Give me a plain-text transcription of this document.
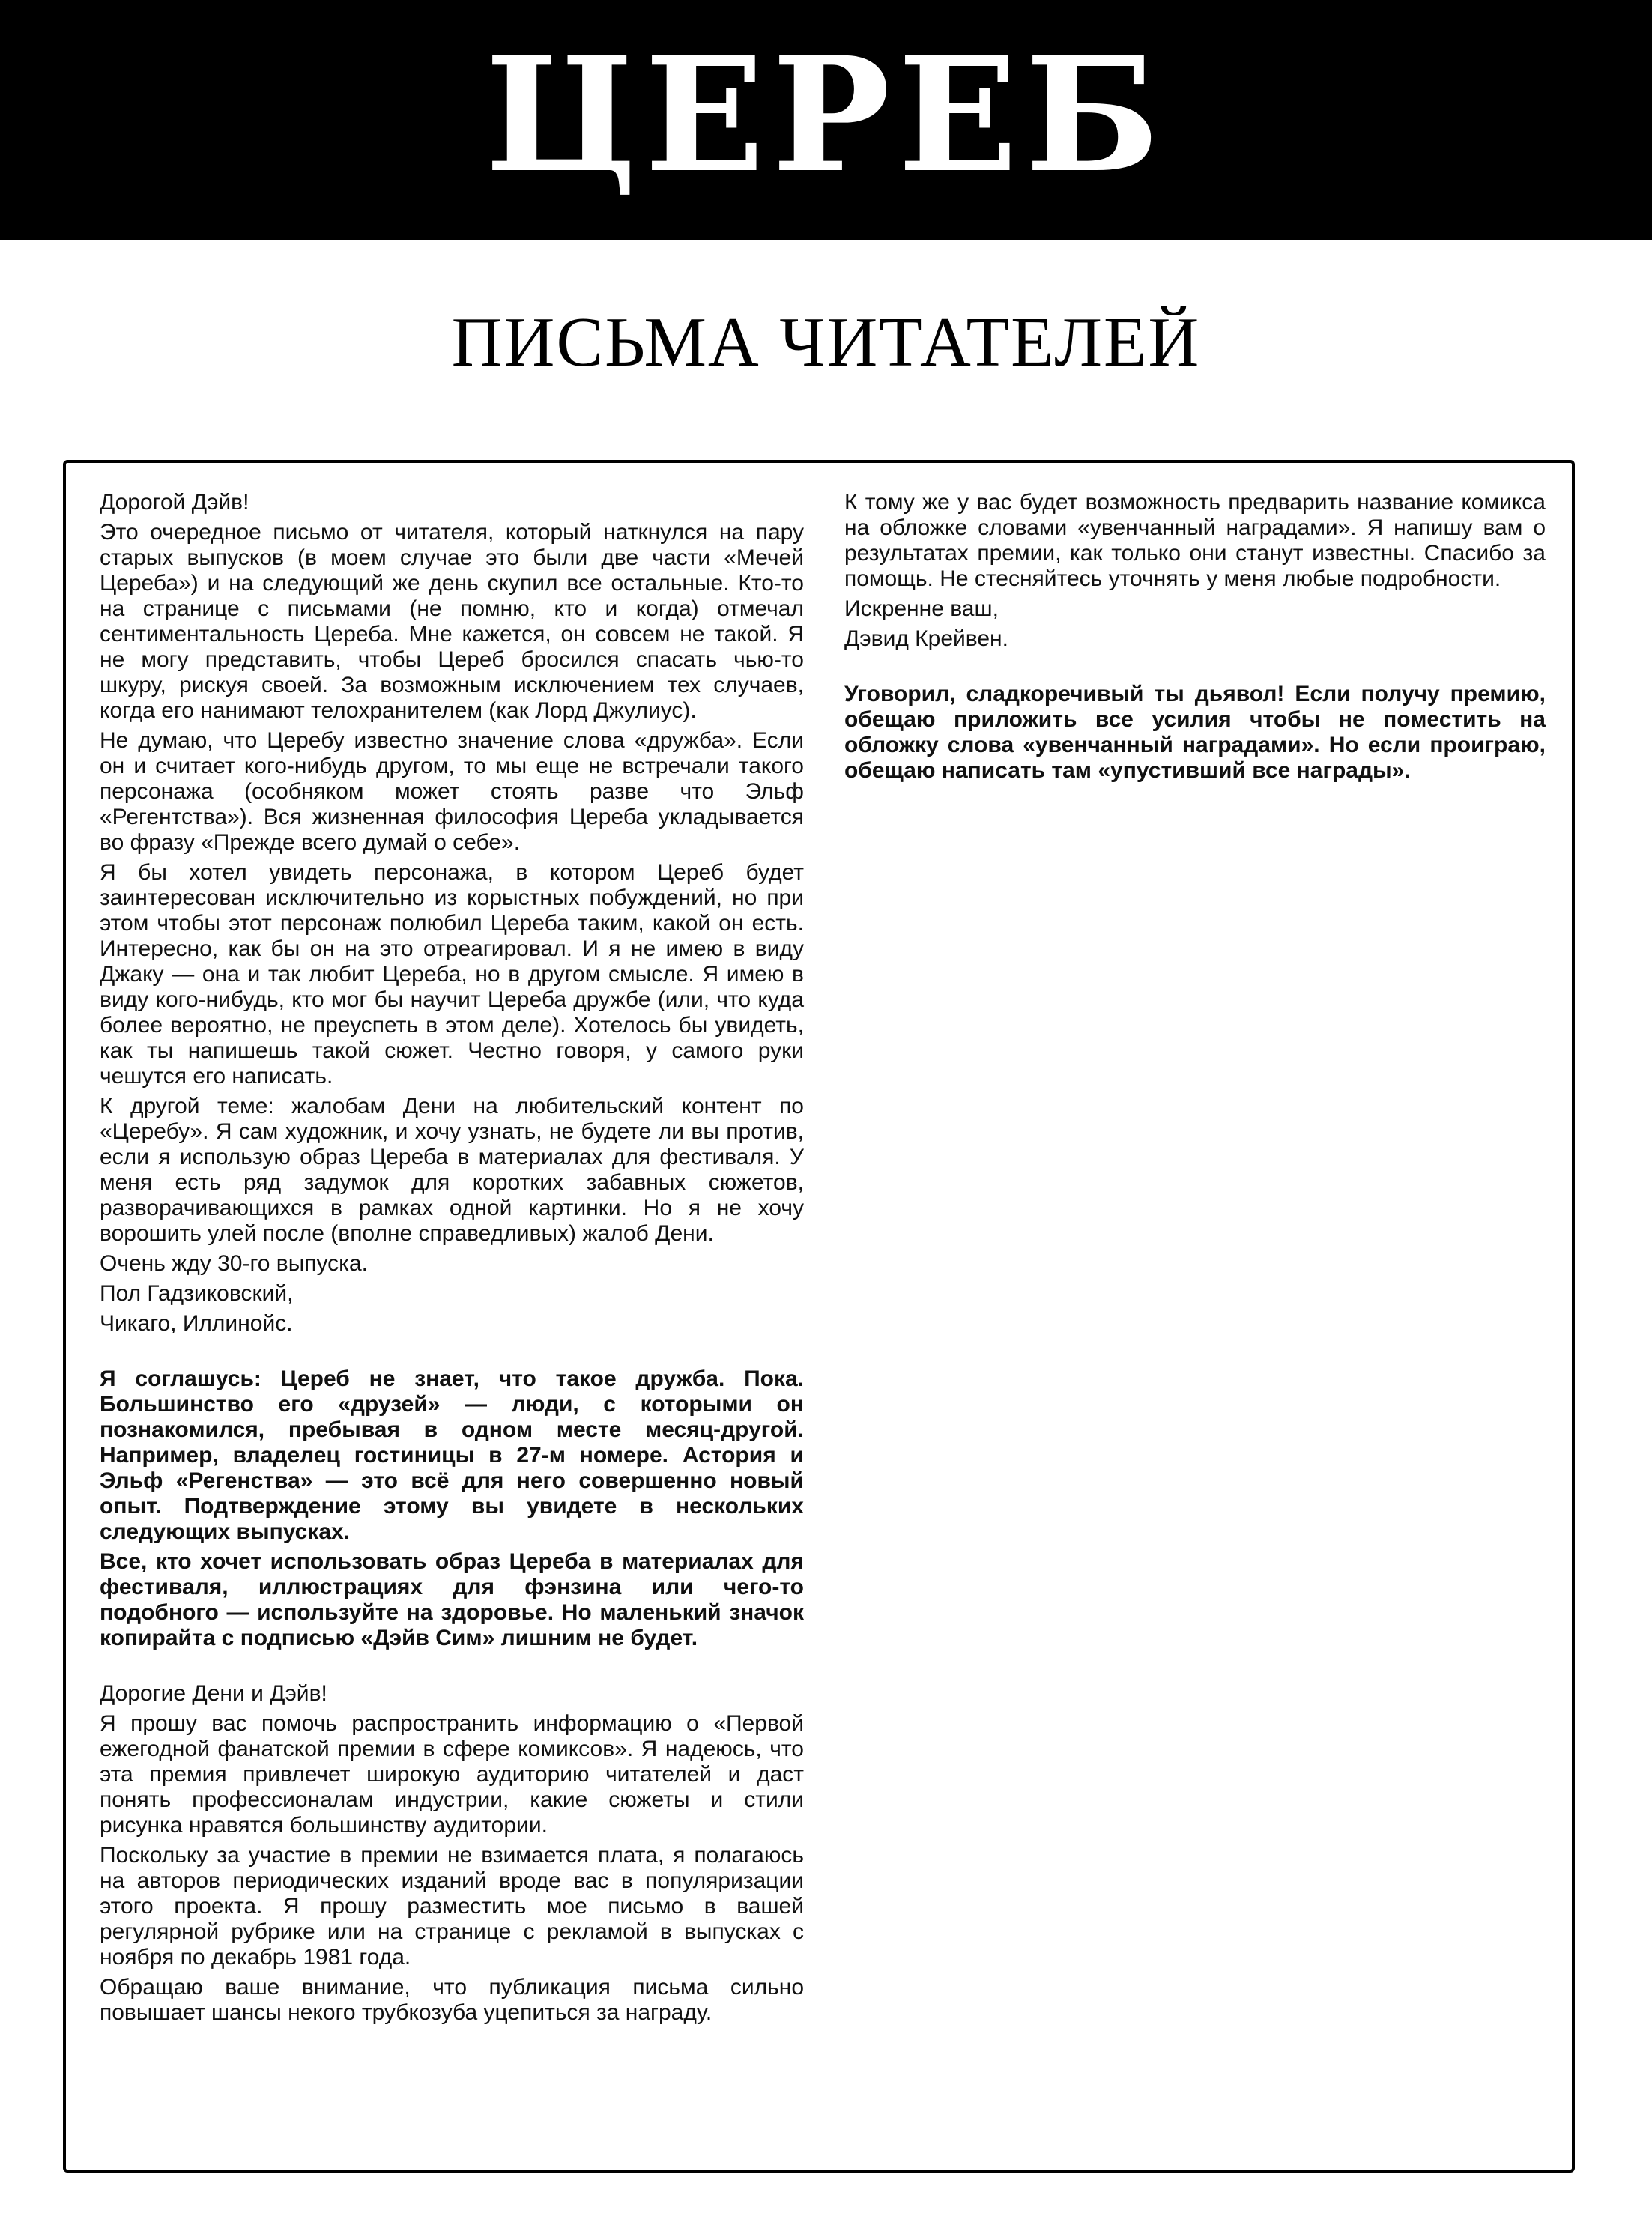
ЦЕРЕБ
ПИСЬМА ЧИТАТЕЛЕЙ

Дорогой Дэйв!

Это очередное письмо от читателя, который наткнулся на пару старых выпусков (в моем случае это были две части «Мечей Цереба») и на следующий же день скупил все остальные. Кто-то на странице с письмами (не помню, кто и когда) отмечал сентиментальность Цереба. Мне кажется, он совсем не такой. Я не могу представить, чтобы Цереб бросился спасать чью-то шкуру, рискуя своей. За возможным исключением тех случаев, когда его нанимают телохранителем (как Лорд Джулиус).

Не думаю, что Церебу известно значение слова «дружба». Если он и считает кого-нибудь другом, то мы еще не встречали такого персонажа (особняком может стоять разве что Эльф «Регентства»). Вся жизненная философия Цереба укладывается во фразу «Прежде всего думай о себе».

Я бы хотел увидеть персонажа, в котором Цереб будет заинтересован исключительно из корыстных побуждений, но при этом чтобы этот персонаж полюбил Цереба таким, какой он есть. Интересно, как бы он на это отреагировал. И я не имею в виду Джаку — она и так любит Цереба, но в другом смысле. Я имею в виду кого-нибудь, кто мог бы научит Цереба дружбе (или, что куда более вероятно, не преуспеть в этом деле). Хотелось бы увидеть, как ты напишешь такой сюжет. Честно говоря, у самого руки чешутся его написать.

К другой теме: жалобам Дени на любительский контент по «Церебу». Я сам художник, и хочу узнать, не будете ли вы против, если я использую образ Цереба в материалах для фестиваля. У меня есть ряд задумок для коротких забавных сюжетов, разворачивающихся в рамках одной картинки. Но я не хочу ворошить улей после (вполне справедливых) жалоб Дени.

Очень жду 30-го выпуска.

Пол Гадзиковский,

Чикаго, Иллинойс.

Я соглашусь: Цереб не знает, что такое дружба. Пока. Большинство его «друзей» — люди, с которыми он познакомился, пребывая в одном месте месяц-другой. Например, владелец гостиницы в 27-м номере. Астория и Эльф «Регенства» — это всё для него совершенно новый опыт. Подтверждение этому вы увидете в нескольких следующих выпусках.

Все, кто хочет использовать образ Цереба в материалах для фестиваля, иллюстрациях для фэнзина или чего-то подобного — используйте на здоровье. Но маленький значок копирайта с подписью «Дэйв Сим» лишним не будет.

Дорогие Дени и Дэйв!

Я прошу вас помочь распространить информацию о «Первой ежегодной фанатской премии в сфере комиксов». Я надеюсь, что эта премия привлечет широкую аудиторию читателей и даст понять профессионалам индустрии, какие сюжеты и стили рисунка нравятся большинству аудитории.

Поскольку за участие в премии не взимается плата, я полагаюсь на авторов периодических изданий вроде вас в популяризации этого проекта. Я прошу разместить мое письмо в вашей регулярной рубрике или на странице с рекламой в выпусках с ноября по декабрь 1981 года.

Обращаю ваше внимание, что публикация письма сильно повышает шансы некого трубкозуба уцепиться за награду.

К тому же у вас будет возможность предварить название комикса на обложке словами «увенчанный наградами». Я напишу вам о результатах премии, как только они станут известны. Спасибо за помощь. Не стесняйтесь уточнять у меня любые подробности.

Искренне ваш,

Дэвид Крейвен.

Уговорил, сладкоречивый ты дьявол! Если получу премию, обещаю приложить все усилия чтобы не поместить на обложку слова «увенчанный наградами». Но если проиграю, обещаю написать там «упустивший все награды».
